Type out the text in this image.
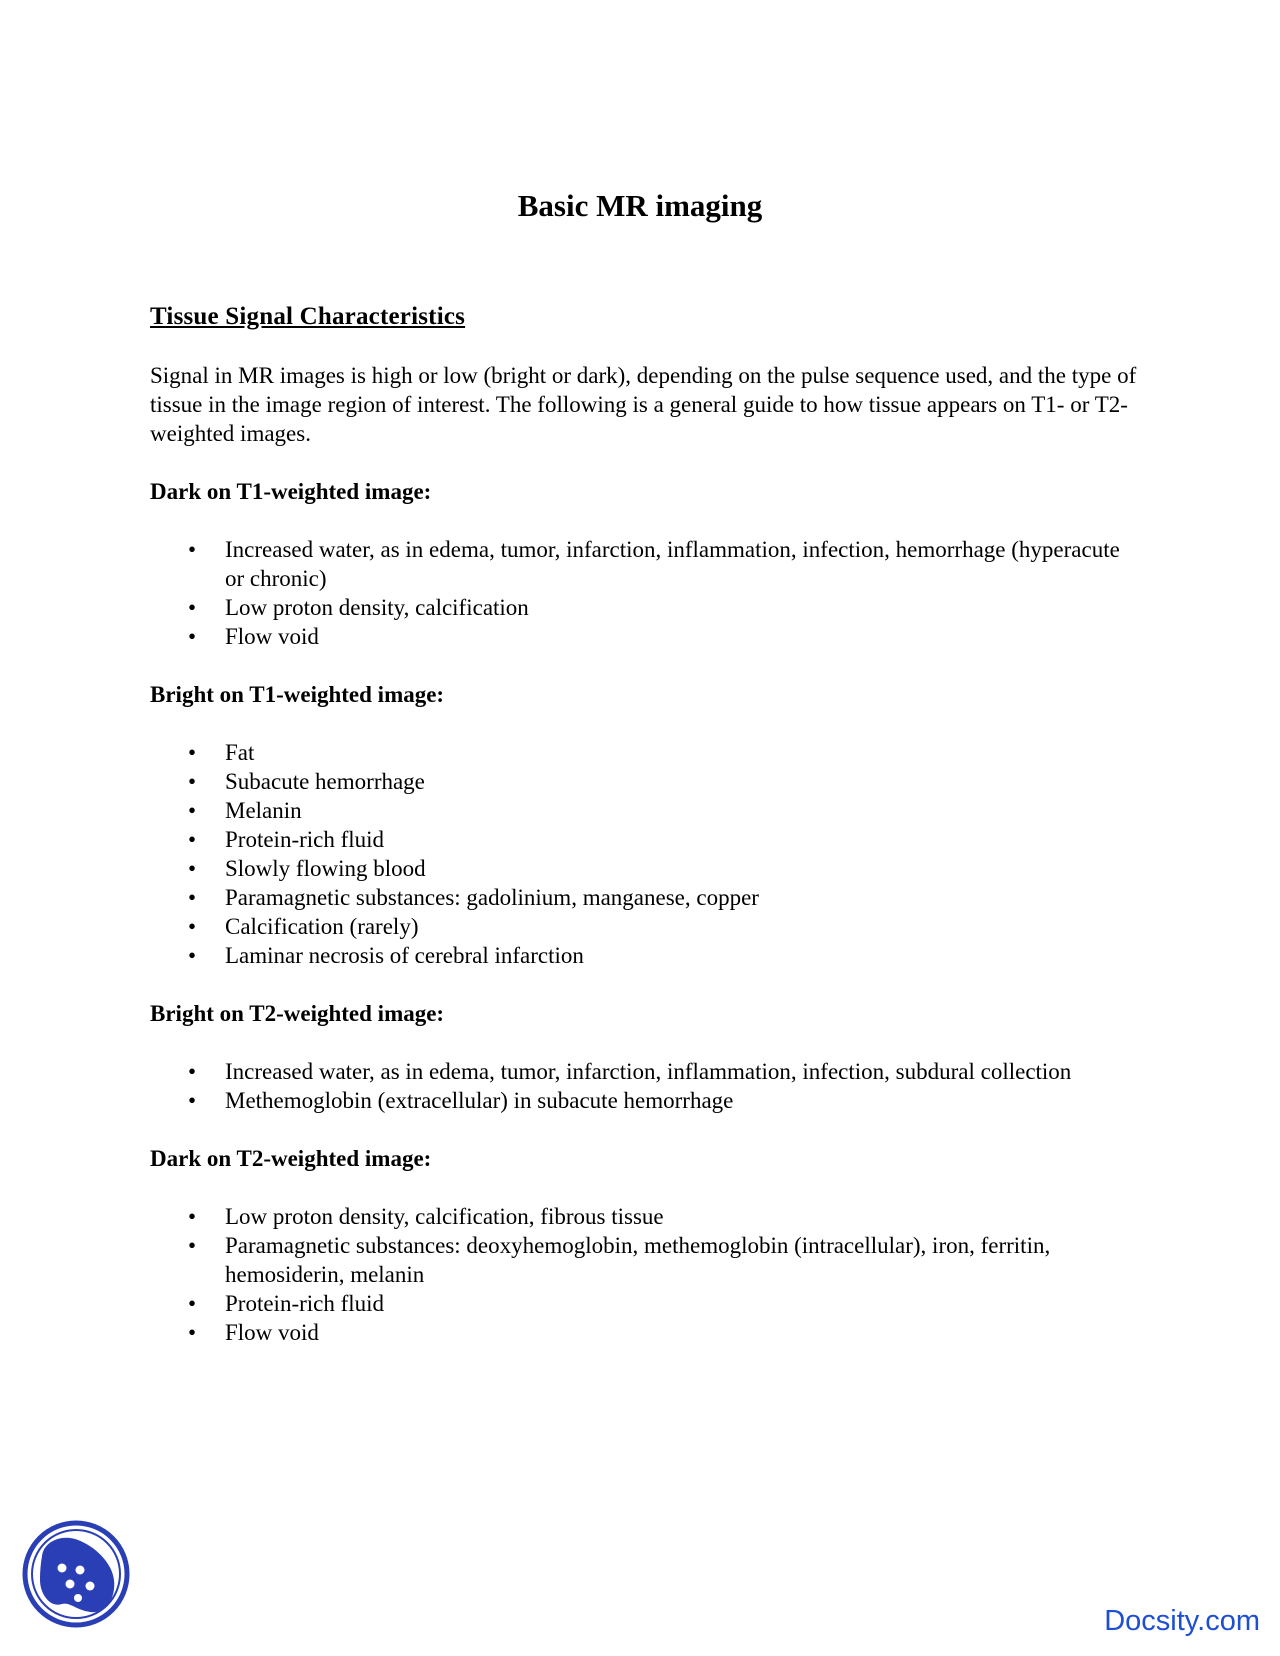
Basic MR imaging
Tissue Signal Characteristics

Signal in MR images is high or low (bright or dark), depending on the pulse sequence used, and the type of tissue in the image region of interest. The following is a general guide to how tissue appears on T1- or T2- weighted images.

Dark on T1-weighted image:

• Increased water, as in edema, tumor, infarction, inflammation, infection, hemorrhage (hyperacute or chronic)
• Low proton density, calcification
• Flow void

Bright on T1-weighted image:

• Fat
• Subacute hemorrhage
• Melanin
• Protein-rich fluid
• Slowly flowing blood
• Paramagnetic substances: gadolinium, manganese, copper
• Calcification (rarely)
• Laminar necrosis of cerebral infarction

Bright on T2-weighted image:

• Increased water, as in edema, tumor, infarction, inflammation, infection, subdural collection
• Methemoglobin (extracellular) in subacute hemorrhage

Dark on T2-weighted image:

• Low proton density, calcification, fibrous tissue
• Paramagnetic substances: deoxyhemoglobin, methemoglobin (intracellular), iron, ferritin, hemosiderin, melanin
• Protein-rich fluid
• Flow void

Docsity.com
